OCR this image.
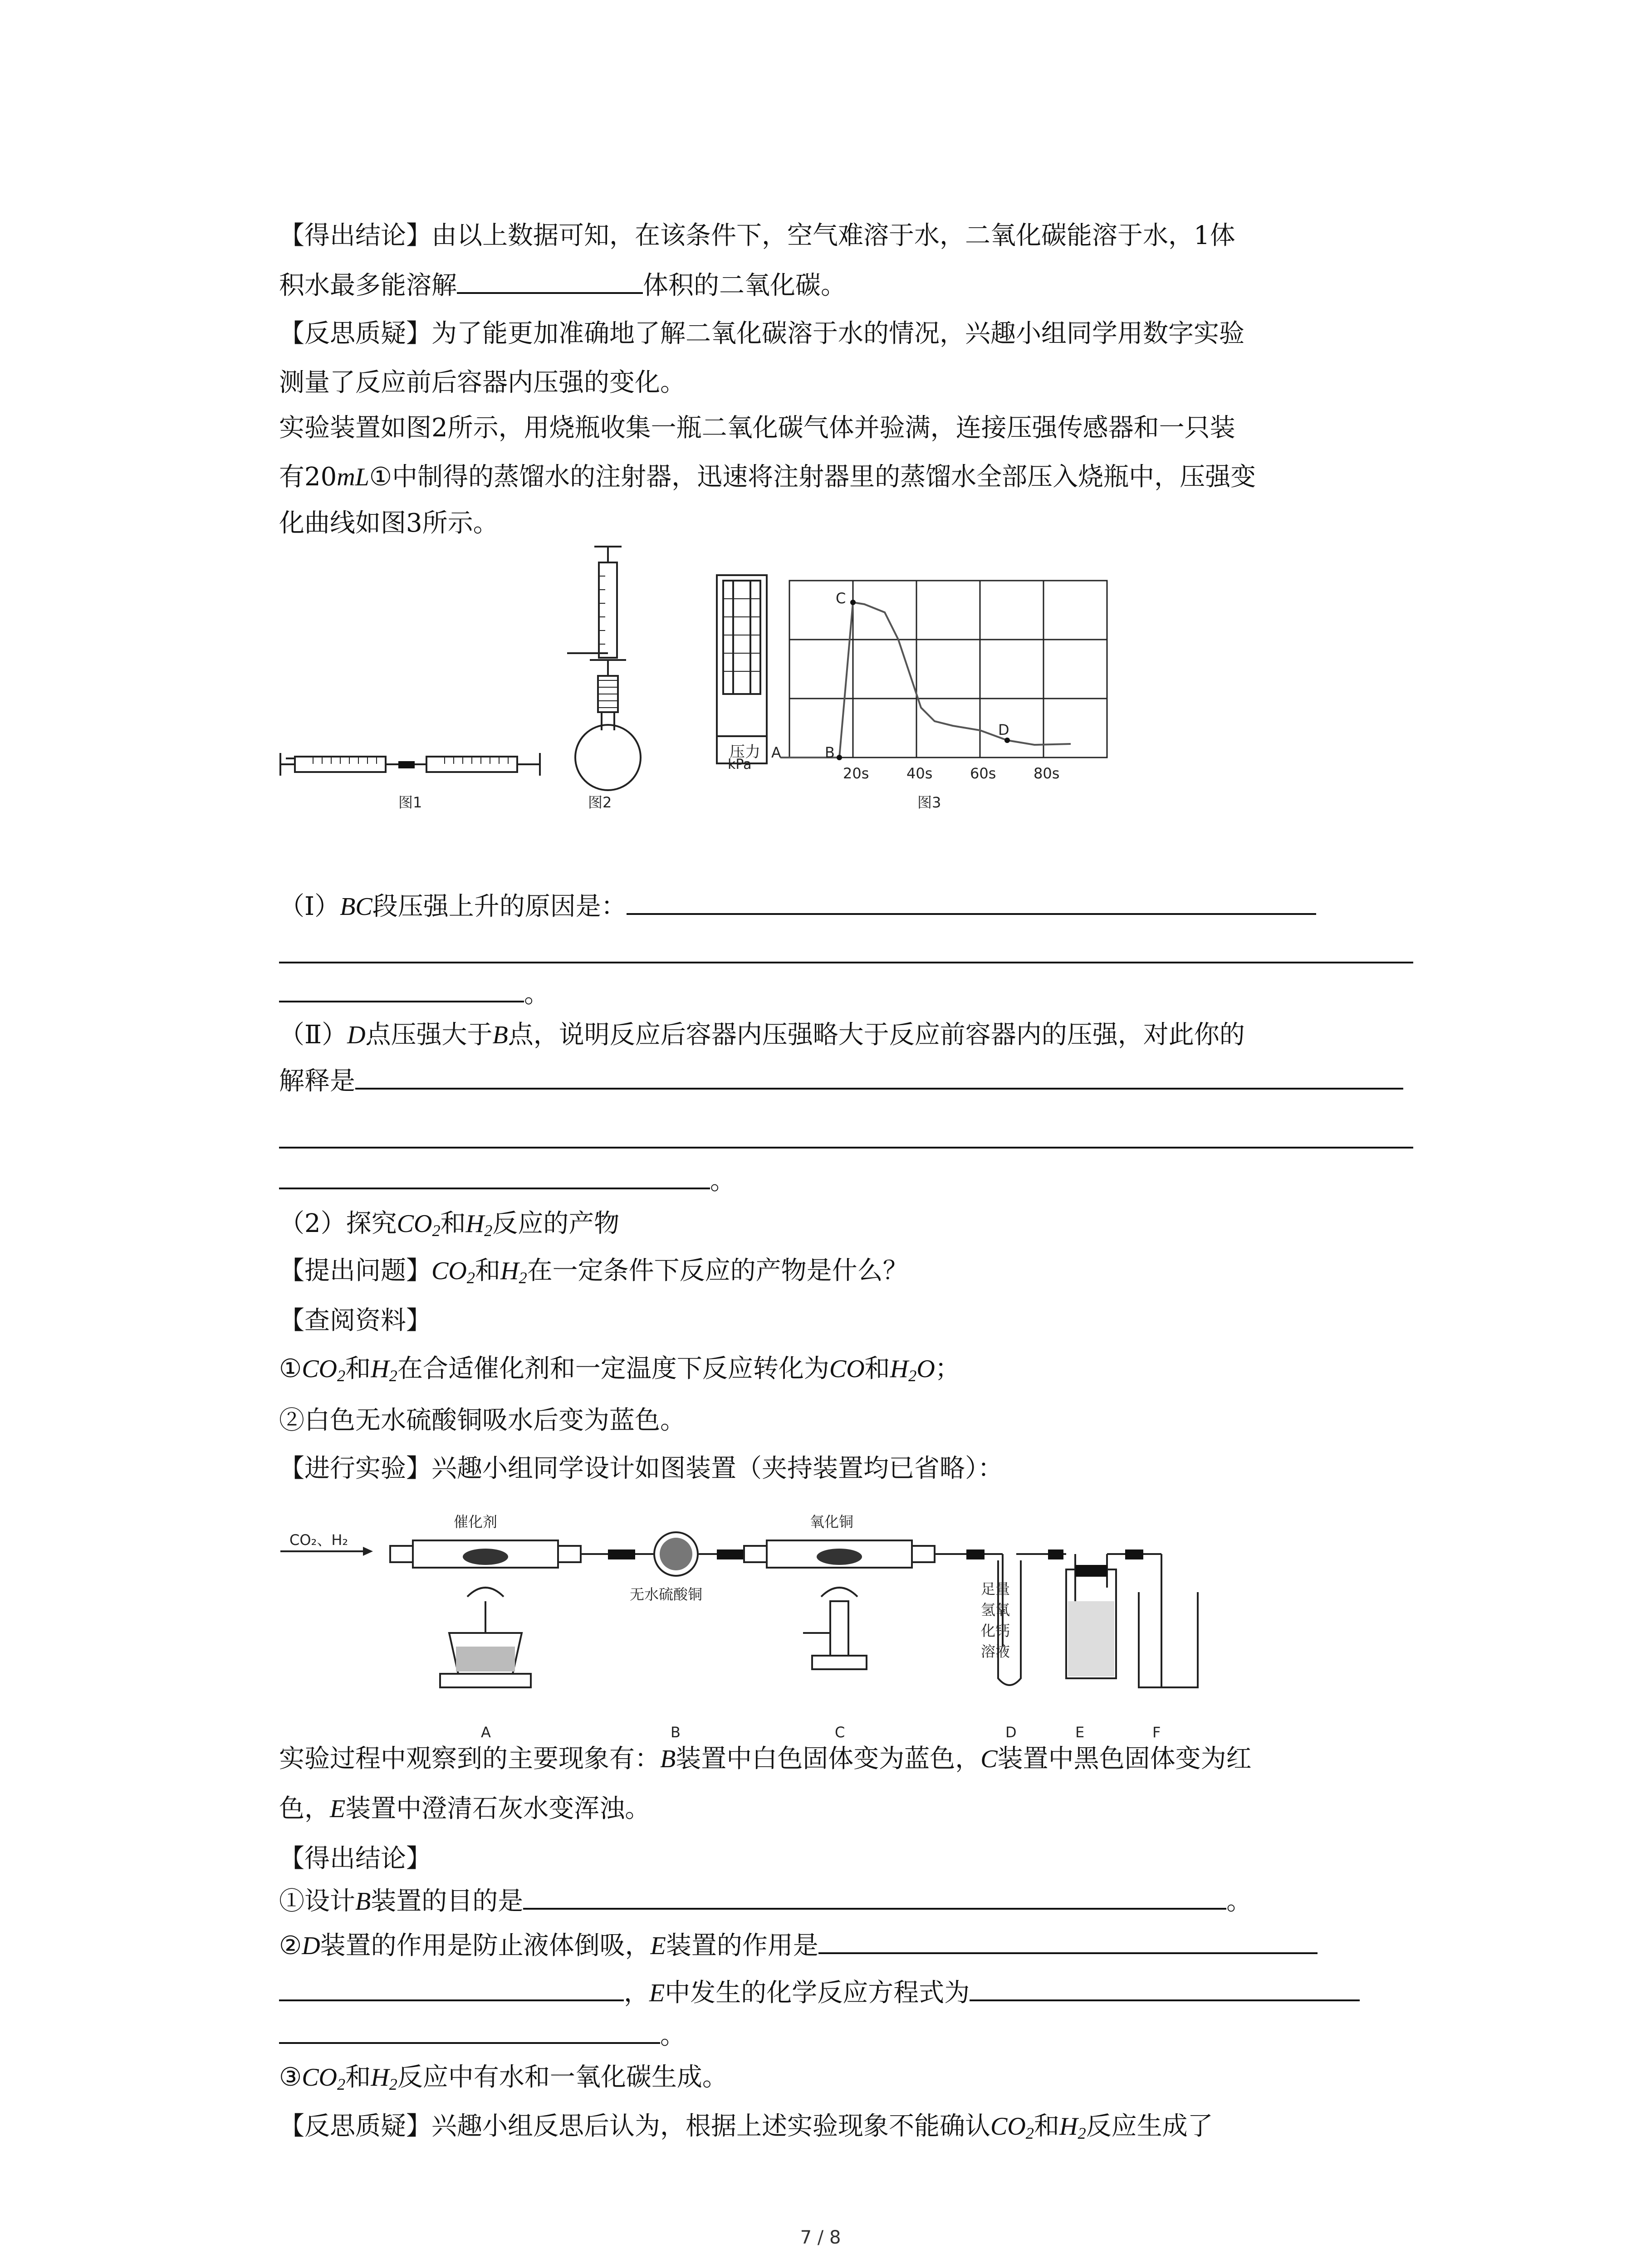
【得出结论】由以上数据可知，在该条件下，空气难溶于水，二氧化碳能溶于水，1体
积水最多能溶解	体积的二氧化碳。
【反思质疑】为了能更加准确地了解二氧化碳溶于水的情况，兴趣小组同学用数字实验
测量了反应前后容器内压强的变化。
实验装置如图2所示，用烧瓶收集一瓶二氧化碳气体并验满，连接压强传感器和一只装
有20mL①中制得的蒸馏水的注射器，迅速将注射器里的蒸馏水全部压入烧瓶中，压强变
化曲线如图3所示。
图1	图2
压力
kPa
A	B
C
D
20s	40s	60s	80s
图3
（Ⅰ）BC段压强上升的原因是：
。
（Ⅱ）D点压强大于B点，说明反应后容器内压强略大于反应前容器内的压强，对此你的
解释是
。
（2）探究$CO_2$和$H_2$反应的产物
【提出问题】$CO_2$和$H_2$在一定条件下反应的产物是什么？
【查阅资料】
$①CO_2$和$H_2$在合适催化剂和一定温度下反应转化为CO和$H_2O$；
②白色无水硫酸铜吸水后变为蓝色。
【进行实验】兴趣小组同学设计如图装置（夹持装置均已省略）：
CO₂、H₂
催化剂
无水硫酸铜
氧化铜
足量
氢氧
化钙
溶液
A	B	C	D	E	F
实验过程中观察到的主要现象有：B装置中白色固体变为蓝色，C装置中黑色固体变为红
色，E装置中澄清石灰水变浑浊。
【得出结论】
①设计B装置的目的是	。
②D装置的作用是防止液体倒吸，E装置的作用是
，E中发生的化学反应方程式为
。
$③CO_2$和$H_2$反应中有水和一氧化碳生成。
【反思质疑】兴趣小组反思后认为，根据上述实验现象不能确认$CO_2$和$H_2$反应生成了
7 / 8
